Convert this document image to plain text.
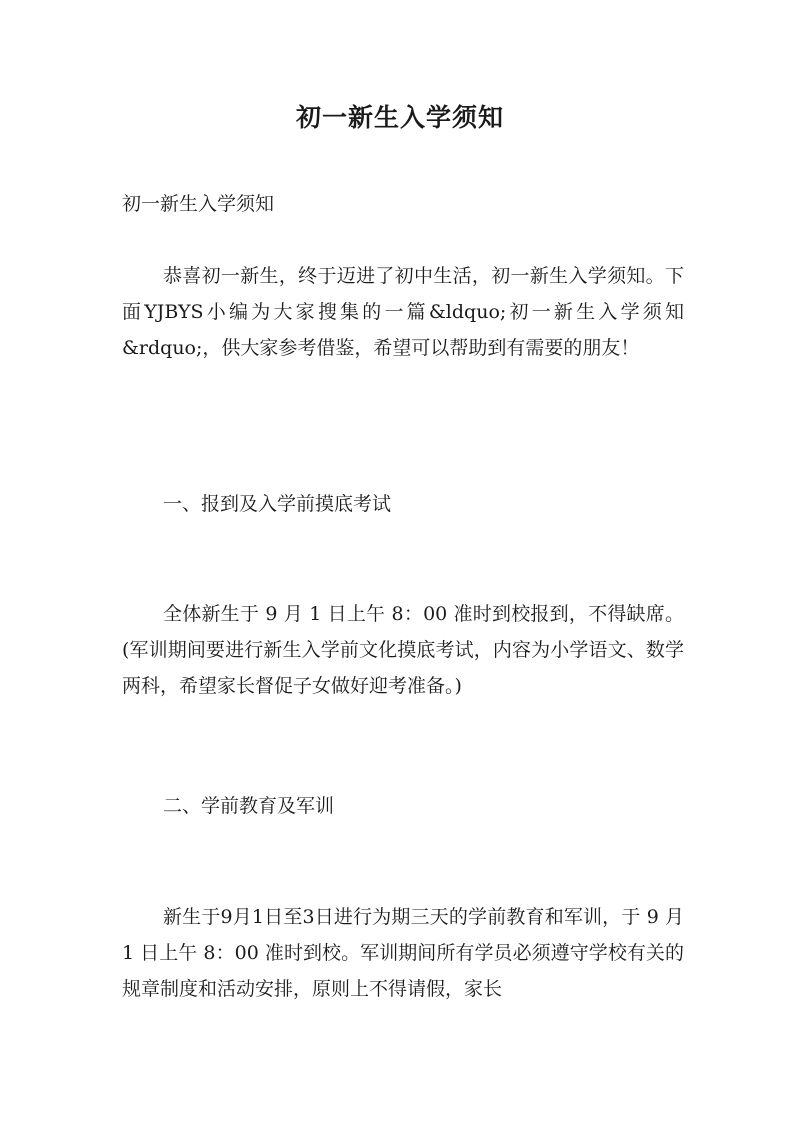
初一新生入学须知

初一新生入学须知

恭喜初一新生，终于迈进了初中生活，初一新生入学须知。下面YJBYS小编为大家搜集的一篇&ldquo;初一新生入学须知&rdquo;，供大家参考借鉴，希望可以帮助到有需要的朋友！

一、报到及入学前摸底考试

全体新生于 9 月 1 日上午 8：00 准时到校报到，不得缺席。(军训期间要进行新生入学前文化摸底考试，内容为小学语文、数学两科，希望家长督促子女做好迎考准备。)

二、学前教育及军训

新生于9月1日至3日进行为期三天的学前教育和军训，于 9 月 1 日上午 8：00 准时到校。军训期间所有学员必须遵守学校有关的规章制度和活动安排，原则上不得请假，家长
